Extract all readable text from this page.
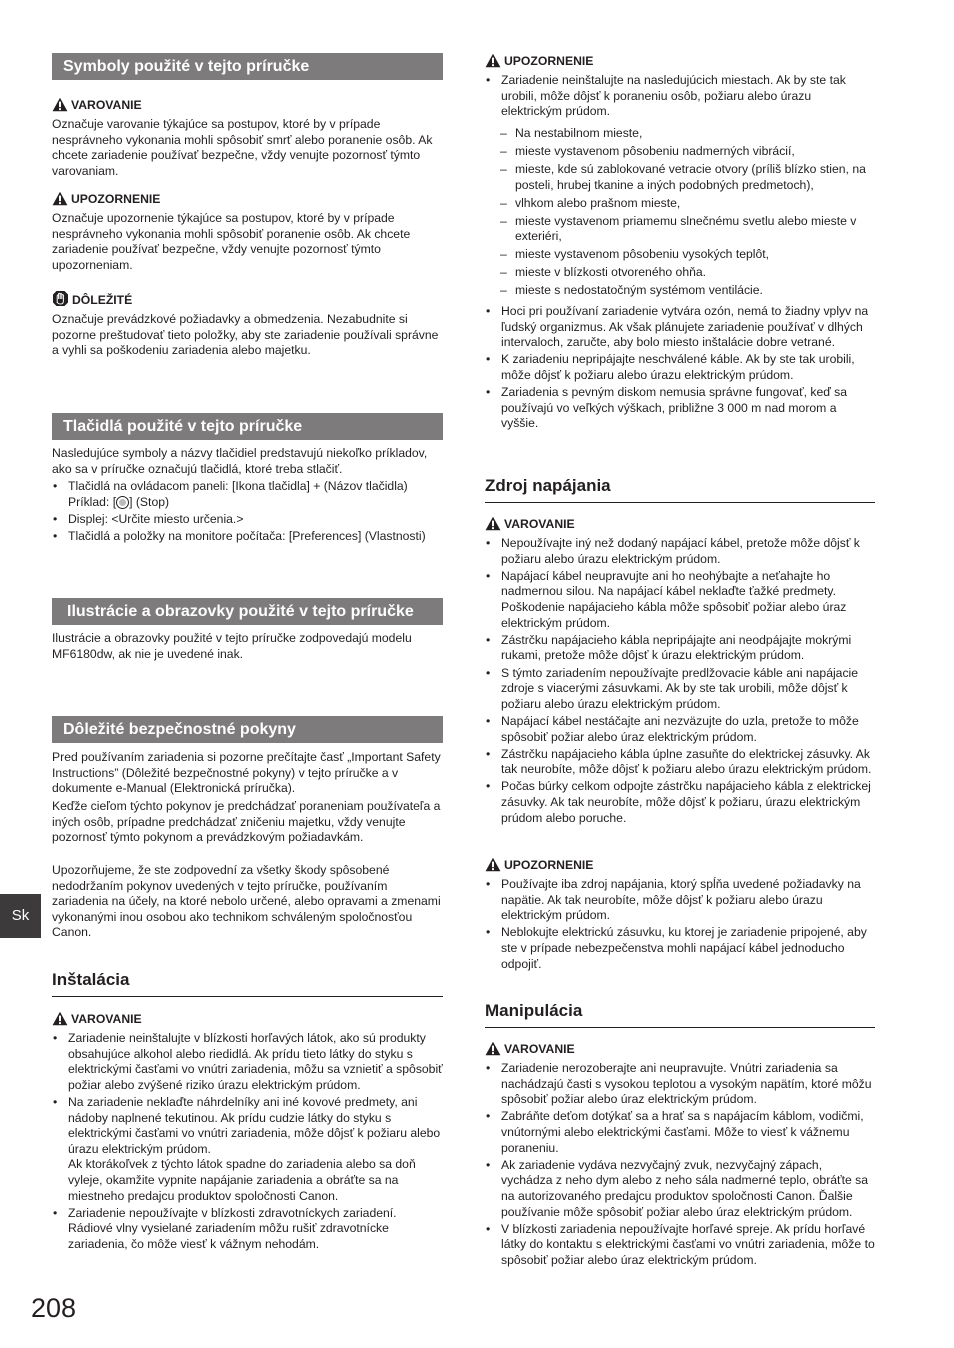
Symboly použité v tejto príručke
VAROVANIE

Označuje varovanie týkajúce sa postupov, ktoré by v prípade nesprávneho vykonania mohli spôsobiť smrť alebo poranenie osôb. Ak chcete zariadenie používať bezpečne, vždy venujte pozornosť týmto varovaniam.

UPOZORNENIE

Označuje upozornenie týkajúce sa postupov, ktoré by v prípade nesprávneho vykonania mohli spôsobiť poranenie osôb. Ak chcete zariadenie používať bezpečne, vždy venujte pozornosť týmto upozorneniam.

DÔLEŽITÉ

Označuje prevádzkové požiadavky a obmedzenia. Nezabudnite si pozorne preštudovať tieto položky, aby ste zariadenie používali správne a vyhli sa poškodeniu zariadenia alebo majetku.

Tlačidlá použité v tejto príručke

Nasledujúce symboly a názvy tlačidiel predstavujú niekoľko príkladov, ako sa v príručke označujú tlačidlá, ktoré treba stlačiť.

• Tlačidlá na ovládacom paneli: [Ikona tlačidla] + (Názov tlačidla)
Príklad: [ ] (Stop)
• Displej: <Určite miesto určenia.>
• Tlačidlá a položky na monitore počítača: [Preferences] (Vlastnosti)
Ilustrácie a obrazovky použité v tejto príručke

Ilustrácie a obrazovky použité v tejto príručke zodpovedajú modelu MF6180dw, ak nie je uvedené inak.

Dôležité bezpečnostné pokyny

Pred používaním zariadenia si pozorne prečítajte časť „Important Safety Instructions” (Dôležité bezpečnostné pokyny) v tejto príručke a v dokumente e-Manual (Elektronická príručka).

Keďže cieľom týchto pokynov je predchádzať poraneniam používateľa a iných osôb, prípadne predchádzať zničeniu majetku, vždy venujte pozornosť týmto pokynom a prevádzkovým požiadavkám.

Upozorňujeme, že ste zodpovední za všetky škody spôsobené nedodržaním pokynov uvedených v tejto príručke, používaním zariadenia na účely, na ktoré nebolo určené, alebo opravami a zmenami vykonanými inou osobou ako technikom schváleným spoločnosťou Canon.

Inštalácia
VAROVANIE
• Zariadenie neinštalujte v blízkosti horľavých látok, ako sú produkty obsahujúce alkohol alebo riedidlá. Ak prídu tieto látky do styku s elektrickými časťami vo vnútri zariadenia, môžu sa vznietiť a spôsobiť požiar alebo zvýšené riziko úrazu elektrickým prúdom.
• Na zariadenie neklaďte náhrdelníky ani iné kovové predmety, ani nádoby naplnené tekutinou. Ak prídu cudzie látky do styku s elektrickými časťami vo vnútri zariadenia, môže dôjsť k požiaru alebo úrazu elektrickým prúdom.
Ak ktorákoľvek z týchto látok spadne do zariadenia alebo sa doň vyleje, okamžite vypnite napájanie zariadenia a obráťte sa na miestneho predajcu produktov spoločnosti Canon.
• Zariadenie nepoužívajte v blízkosti zdravotníckych zariadení. Rádiové vlny vysielané zariadením môžu rušiť zdravotnícke zariadenia, čo môže viesť k vážnym nehodám.
UPOZORNENIE
• Zariadenie neinštalujte na nasledujúcich miestach. Ak by ste tak urobili, môže dôjsť k poraneniu osôb, požiaru alebo úrazu elektrickým prúdom.
– Na nestabilnom mieste,
– mieste vystavenom pôsobeniu nadmerných vibrácií,
– mieste, kde sú zablokované vetracie otvory (príliš blízko stien, na posteli, hrubej tkanine a iných podobných predmetoch),
– vlhkom alebo prašnom mieste,
– mieste vystavenom priamemu slnečnému svetlu alebo mieste v exteriéri,
– mieste vystavenom pôsobeniu vysokých teplôt,
– mieste v blízkosti otvoreného ohňa.
– mieste s nedostatočným systémom ventilácie.
• Hoci pri používaní zariadenie vytvára ozón, nemá to žiadny vplyv na ľudský organizmus. Ak však plánujete zariadenie používať v dlhých intervaloch, zaručte, aby bolo miesto inštalácie dobre vetrané.
• K zariadeniu nepripájajte neschválené káble. Ak by ste tak urobili, môže dôjsť k požiaru alebo úrazu elektrickým prúdom.
• Zariadenia s pevným diskom nemusia správne fungovať, keď sa používajú vo veľkých výškach, približne 3 000 m nad morom a vyššie.
Zdroj napájania
VAROVANIE
• Nepoužívajte iný než dodaný napájací kábel, pretože môže dôjsť k požiaru alebo úrazu elektrickým prúdom.
• Napájací kábel neupravujte ani ho neohýbajte a neťahajte ho nadmernou silou. Na napájací kábel neklaďte ťažké predmety. Poškodenie napájacieho kábla môže spôsobiť požiar alebo úraz elektrickým prúdom.
• Zástrčku napájacieho kábla nepripájajte ani neodpájajte mokrými rukami, pretože môže dôjsť k úrazu elektrickým prúdom.
• S týmto zariadením nepoužívajte predlžovacie káble ani napájacie zdroje s viacerými zásuvkami. Ak by ste tak urobili, môže dôjsť k požiaru alebo úrazu elektrickým prúdom.
• Napájací kábel nestáčajte ani nezväzujte do uzla, pretože to môže spôsobiť požiar alebo úraz elektrickým prúdom.
• Zástrčku napájacieho kábla úplne zasuňte do elektrickej zásuvky. Ak tak neurobíte, môže dôjsť k požiaru alebo úrazu elektrickým prúdom.
• Počas búrky celkom odpojte zástrčku napájacieho kábla z elektrickej zásuvky. Ak tak neurobíte, môže dôjsť k požiaru, úrazu elektrickým prúdom alebo poruche.
UPOZORNENIE
• Používajte iba zdroj napájania, ktorý spĺňa uvedené požiadavky na napätie. Ak tak neurobíte, môže dôjsť k požiaru alebo úrazu elektrickým prúdom.
• Neblokujte elektrickú zásuvku, ku ktorej je zariadenie pripojené, aby ste v prípade nebezpečenstva mohli napájací kábel jednoducho odpojiť.
Manipulácia
VAROVANIE
• Zariadenie nerozoberajte ani neupravujte. Vnútri zariadenia sa nachádzajú časti s vysokou teplotou a vysokým napätím, ktoré môžu spôsobiť požiar alebo úraz elektrickým prúdom.
• Zabráňte deťom dotýkať sa a hrať sa s napájacím káblom, vodičmi, vnútornými alebo elektrickými časťami. Môže to viesť k vážnemu poraneniu.
• Ak zariadenie vydáva nezvyčajný zvuk, nezvyčajný zápach, vychádza z neho dym alebo z neho sála nadmerné teplo, obráťte sa na autorizovaného predajcu produktov spoločnosti Canon. Ďalšie používanie môže spôsobiť požiar alebo úraz elektrickým prúdom.
• V blízkosti zariadenia nepoužívajte horľavé spreje. Ak prídu horľavé látky do kontaktu s elektrickými časťami vo vnútri zariadenia, môže to spôsobiť požiar alebo úraz elektrickým prúdom.
Sk
208
